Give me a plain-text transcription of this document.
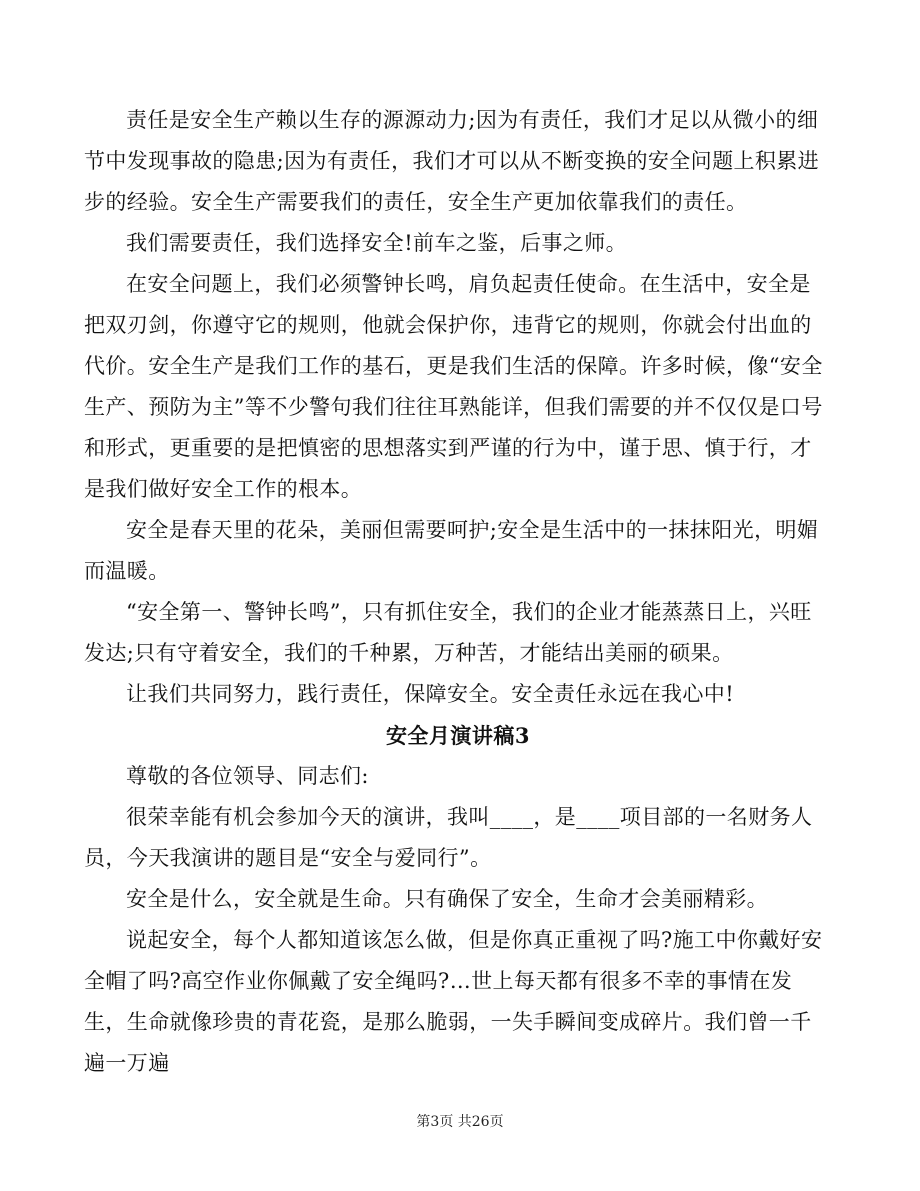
责任是安全生产赖以生存的源源动力;因为有责任，我们才足以从微小的细节中发现事故的隐患;因为有责任，我们才可以从不断变换的安全问题上积累进步的经验。安全生产需要我们的责任，安全生产更加依靠我们的责任。

我们需要责任，我们选择安全!前车之鉴，后事之师。

在安全问题上，我们必须警钟长鸣，肩负起责任使命。在生活中，安全是把双刃剑，你遵守它的规则，他就会保护你，违背它的规则，你就会付出血的代价。安全生产是我们工作的基石，更是我们生活的保障。许多时候，像“安全生产、预防为主”等不少警句我们往往耳熟能详，但我们需要的并不仅仅是口号和形式，更重要的是把慎密的思想落实到严谨的行为中，谨于思、慎于行，才是我们做好安全工作的根本。

安全是春天里的花朵，美丽但需要呵护;安全是生活中的一抹抹阳光，明媚而温暖。

“安全第一、警钟长鸣”，只有抓住安全，我们的企业才能蒸蒸日上，兴旺发达;只有守着安全，我们的千种累，万种苦，才能结出美丽的硕果。

让我们共同努力，践行责任，保障安全。安全责任永远在我心中!

安全月演讲稿3

尊敬的各位领导、同志们:

很荣幸能有机会参加今天的演讲，我叫____，是____项目部的一名财务人员，今天我演讲的题目是“安全与爱同行”。

安全是什么，安全就是生命。只有确保了安全，生命才会美丽精彩。

说起安全，每个人都知道该怎么做，但是你真正重视了吗?施工中你戴好安全帽了吗?高空作业你佩戴了安全绳吗?…世上每天都有很多不幸的事情在发生，生命就像珍贵的青花瓷，是那么脆弱，一失手瞬间变成碎片。我们曾一千遍一万遍

第3页 共26页
